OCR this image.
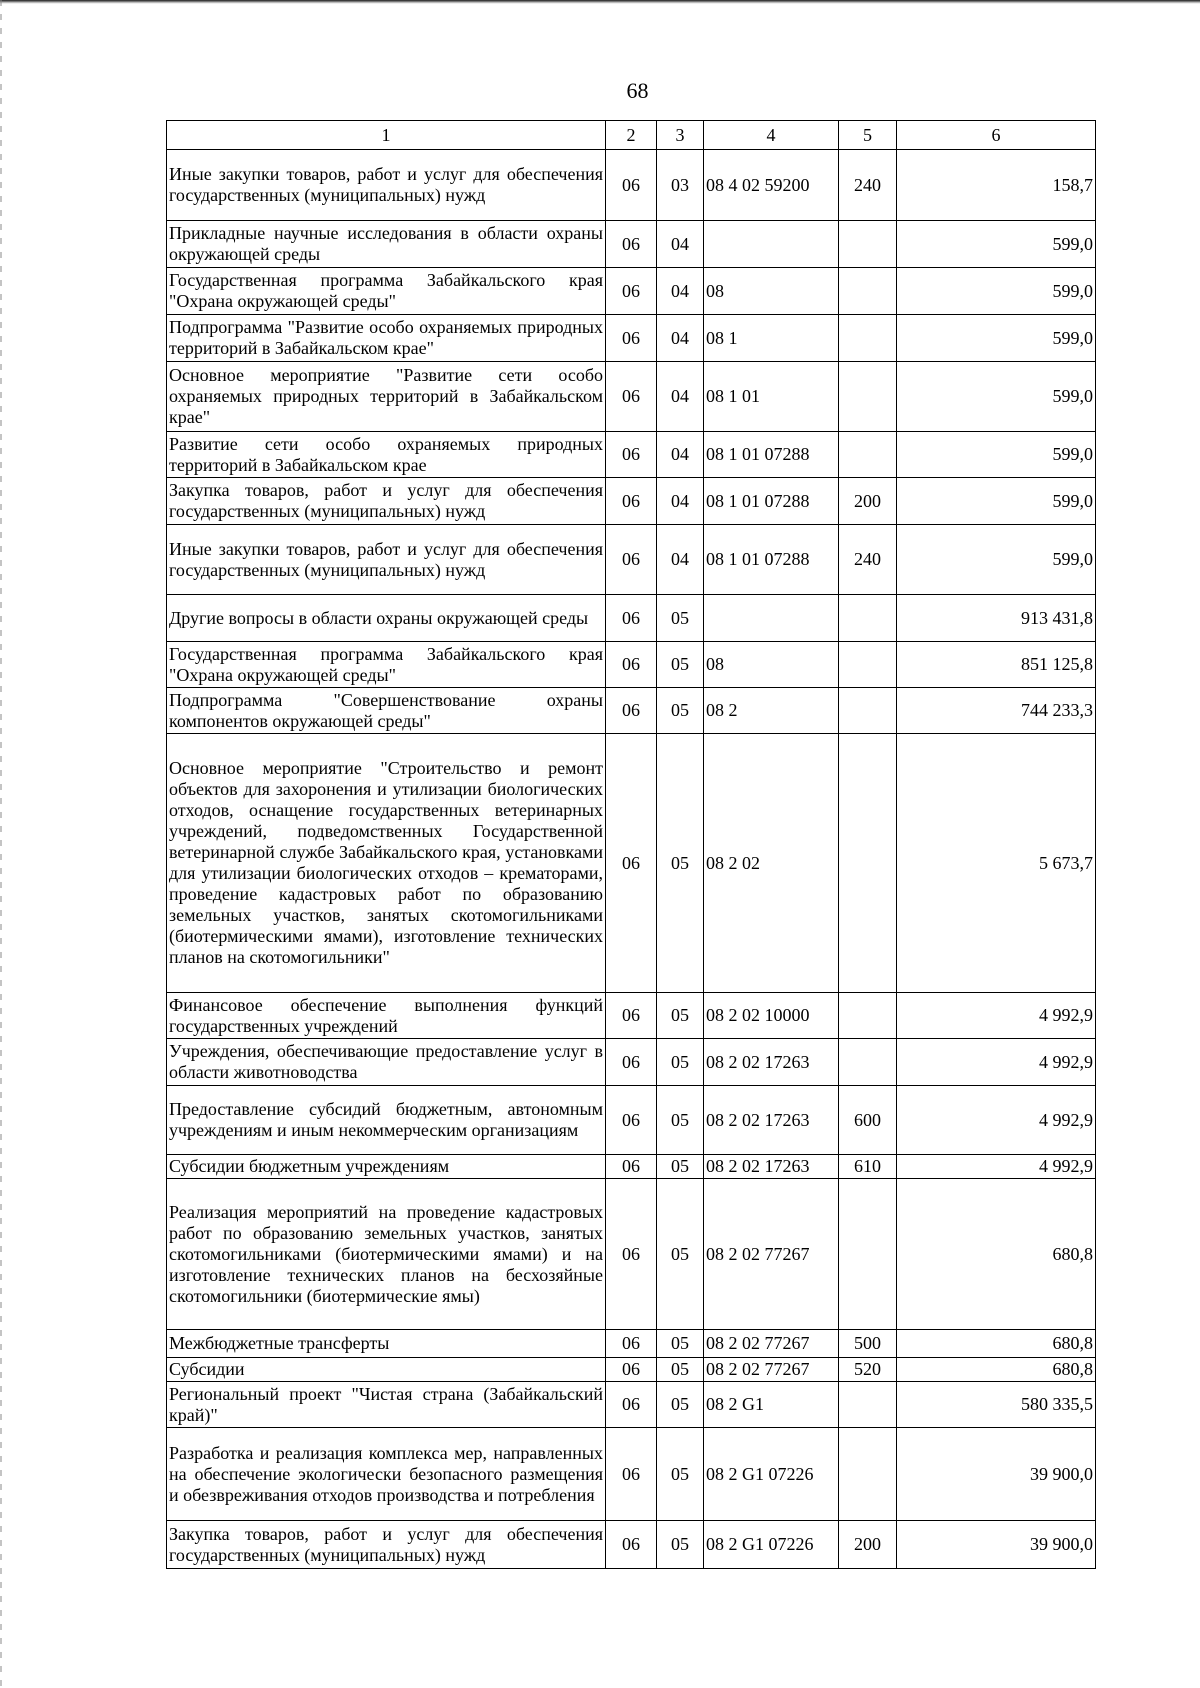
68
1	2	3	4	5	6
Иные закупки товаров, работ и услуг для обеспечения государственных (муниципальных) нужд	06	03	08 4 02 59200	240	158,7
Прикладные научные исследования в области охраны окружающей среды	06	04			599,0
Государственная программа Забайкальского края "Охрана окружающей среды"	06	04	08		599,0
Подпрограмма "Развитие особо охраняемых природных территорий в Забайкальском крае"	06	04	08 1		599,0
Основное мероприятие "Развитие сети особо охраняемых природных территорий в Забайкальском крае"	06	04	08 1 01		599,0
Развитие сети особо охраняемых природных территорий в Забайкальском крае	06	04	08 1 01 07288		599,0
Закупка товаров, работ и услуг для обеспечения государственных (муниципальных) нужд	06	04	08 1 01 07288	200	599,0
Иные закупки товаров, работ и услуг для обеспечения государственных (муниципальных) нужд	06	04	08 1 01 07288	240	599,0
Другие вопросы в области охраны окружающей среды	06	05			913 431,8
Государственная программа Забайкальского края "Охрана окружающей среды"	06	05	08		851 125,8
Подпрограмма "Совершенствование охраны компонентов окружающей среды"	06	05	08 2		744 233,3
Основное мероприятие "Строительство и ремонт объектов для захоронения и утилизации биологических отходов, оснащение государственных ветеринарных учреждений, подведомственных Государственной ветеринарной службе Забайкальского края, установками для утилизации биологических отходов – крематорами, проведение кадастровых работ по образованию земельных участков, занятых скотомогильниками (биотермическими ямами), изготовление технических планов на скотомогильники"	06	05	08 2 02		5 673,7
Финансовое обеспечение выполнения функций государственных учреждений	06	05	08 2 02 10000		4 992,9
Учреждения, обеспечивающие предоставление услуг в области животноводства	06	05	08 2 02 17263		4 992,9
Предоставление субсидий бюджетным, автономным учреждениям и иным некоммерческим организациям	06	05	08 2 02 17263	600	4 992,9
Субсидии бюджетным учреждениям	06	05	08 2 02 17263	610	4 992,9
Реализация мероприятий на проведение кадастровых работ по образованию земельных участков, занятых скотомогильниками (биотермическими ямами) и на изготовление технических планов на бесхозяйные скотомогильники (биотермические ямы)	06	05	08 2 02 77267		680,8
Межбюджетные трансферты	06	05	08 2 02 77267	500	680,8
Субсидии	06	05	08 2 02 77267	520	680,8
Региональный проект "Чистая страна (Забайкальский край)"	06	05	08 2 G1		580 335,5
Разработка и реализация комплекса мер, направленных на обеспечение экологически безопасного размещения и обезвреживания отходов производства и потребления	06	05	08 2 G1 07226		39 900,0
Закупка товаров, работ и услуг для обеспечения государственных (муниципальных) нужд	06	05	08 2 G1 07226	200	39 900,0
